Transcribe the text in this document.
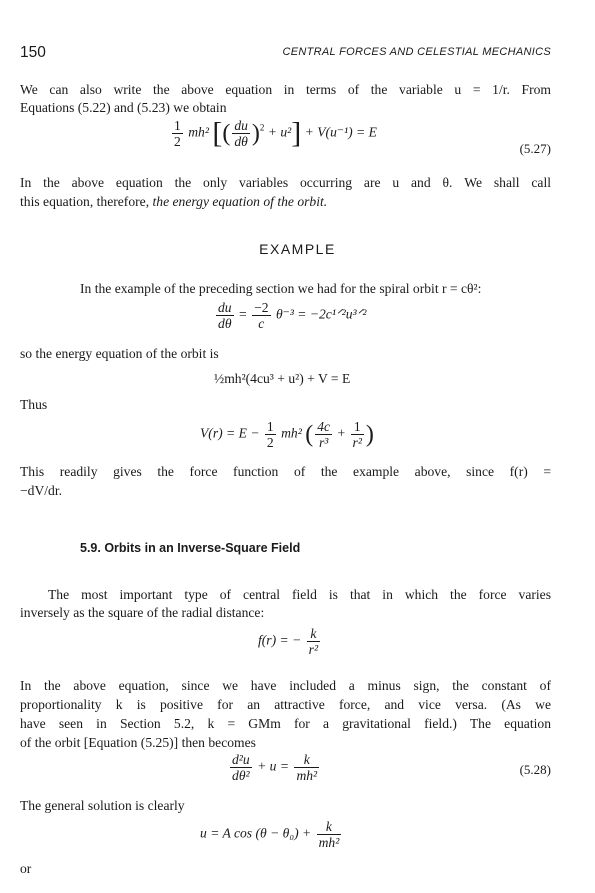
150	CENTRAL FORCES AND CELESTIAL MECHANICS
We can also write the above equation in terms of the variable u = 1/r. From
Equations (5.22) and (5.23) we obtain
$\frac{1}{2} mh^2$ [( $\frac{du}{d\theta} )^2 + u^2] + V(u^{-1}) = E$
(5.27)
In the above equation the only variables occurring are u and θ. We shall call
this equation, therefore, the energy equation of the orbit.
EXAMPLE
In the example of the preceding section we had for the spiral orbit r = cθ²:
$\frac{du}{d\theta} = \frac{-2}{c} \theta^{-3}$ = −2c¹ᐟ²u³ᐟ²
so the energy equation of the orbit is
½mh²(4cu³ + u²) + V = E
Thus
$V(r) = E - \frac{1}{2} mh^2$ ( $\frac{4c}{\text{r³}} + \frac{1}{\text{r²}}$ )
This readily gives the force function of the example above, since f(r) =
−dV/dr.
5.9. Orbits in an Inverse-Square Field
The most important type of central field is that in which the force varies
inversely as the square of the radial distance:
f(r) = − $\frac{k}{\text{r²}}$
In the above equation, since we have included a minus sign, the constant of
proportionality k is positive for an attractive force, and vice versa. (As we
have seen in Section 5.2, k = GMm for a gravitational field.) The equation
of the orbit [Equation (5.25)] then becomes
$\frac{\text{d²u}}{\text{dθ²}} + u = \frac{k}{\text{mh²}}$	(5.28)
The general solution is clearly
u = A $\cos (\theta - \theta_0) + \frac{k}{\text{mh²}}$
or
